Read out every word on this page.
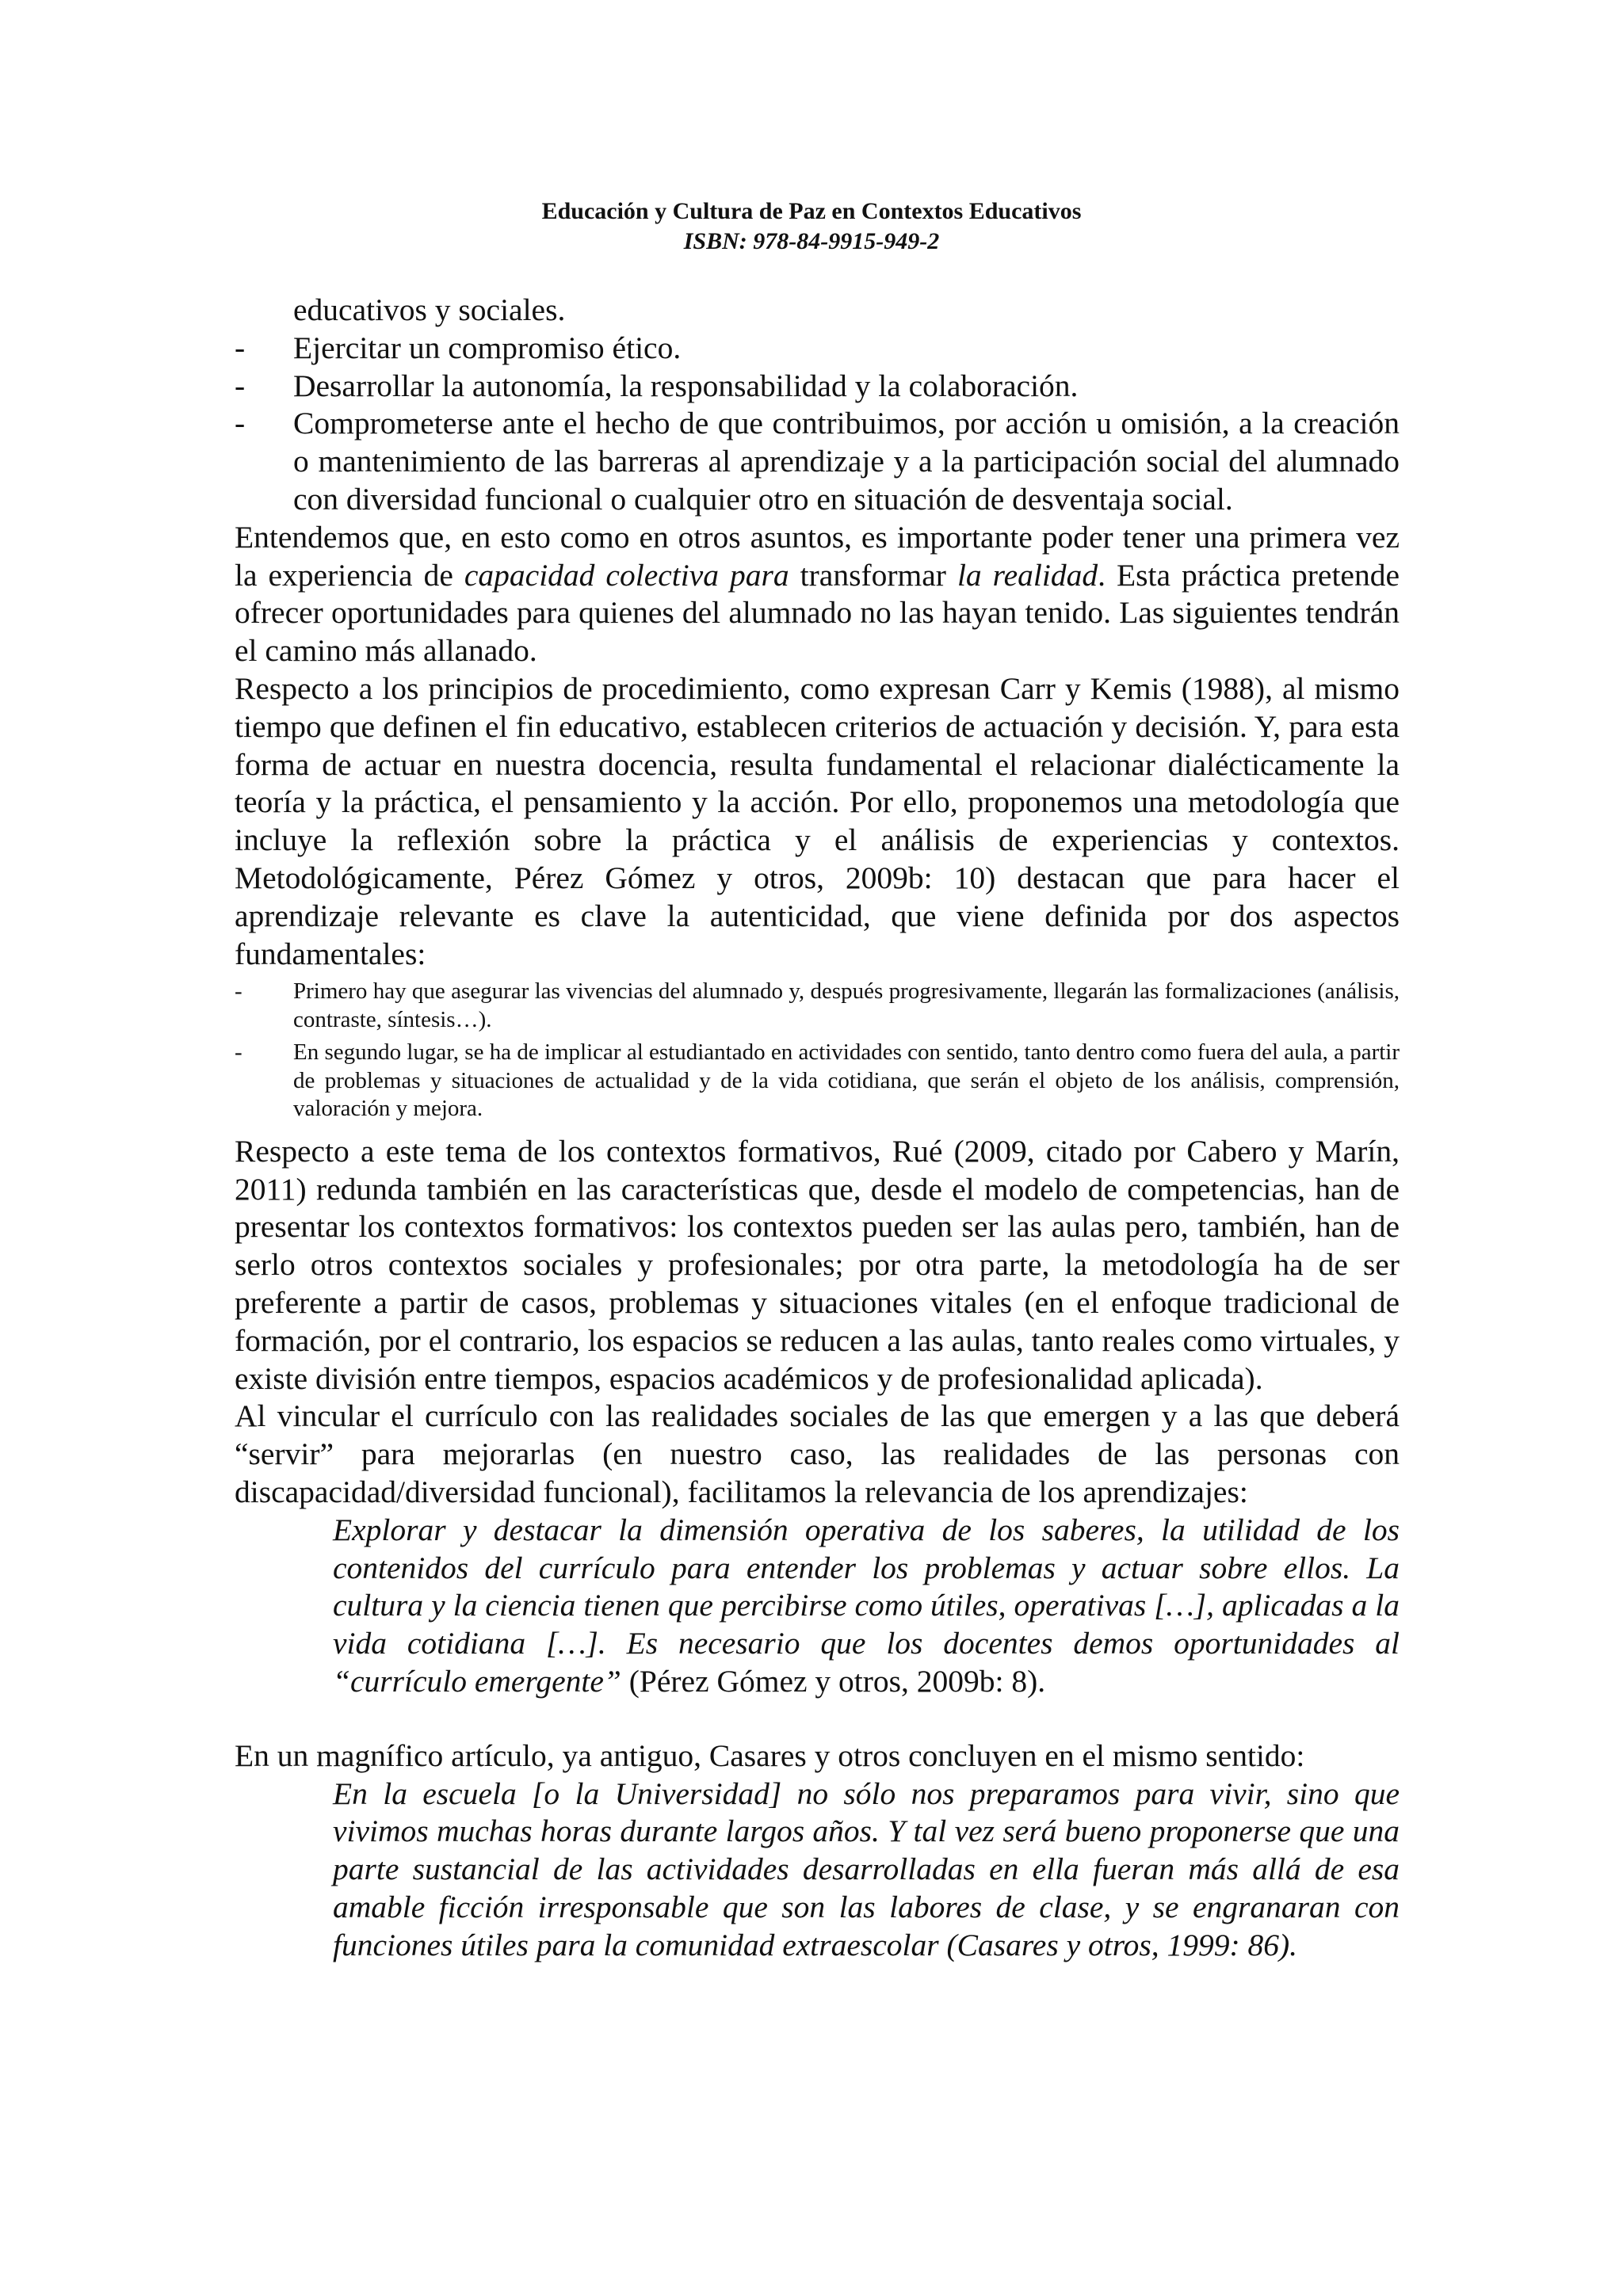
Educación y Cultura de Paz en Contextos Educativos
ISBN: 978-84-9915-949-2

educativos y sociales.

- Ejercitar un compromiso ético.
- Desarrollar la autonomía, la responsabilidad y la colaboración.
- Comprometerse ante el hecho de que contribuimos, por acción u omisión, a la creación o mantenimiento de las barreras al aprendizaje y a la participación social del alumnado con diversidad funcional o cualquier otro en situación de desventaja social.

Entendemos que, en esto como en otros asuntos, es importante poder tener una primera vez la experiencia de capacidad colectiva para transformar la realidad. Esta práctica pretende ofrecer oportunidades para quienes del alumnado no las hayan tenido. Las siguientes tendrán el camino más allanado.

Respecto a los principios de procedimiento, como expresan Carr y Kemis (1988), al mismo tiempo que definen el fin educativo, establecen criterios de actuación y decisión. Y, para esta forma de actuar en nuestra docencia, resulta fundamental el relacionar dialécticamente la teoría y la práctica, el pensamiento y la acción. Por ello, proponemos una metodología que incluye la reflexión sobre la práctica y el análisis de experiencias y contextos. Metodológicamente, Pérez Gómez y otros, 2009b: 10) destacan que para hacer el aprendizaje relevante es clave la autenticidad, que viene definida por dos aspectos fundamentales:

- Primero hay que asegurar las vivencias del alumnado y, después progresivamente, llegarán las formalizaciones (análisis, contraste, síntesis…).
- En segundo lugar, se ha de implicar al estudiantado en actividades con sentido, tanto dentro como fuera del aula, a partir de problemas y situaciones de actualidad y de la vida cotidiana, que serán el objeto de los análisis, comprensión, valoración y mejora.

Respecto a este tema de los contextos formativos, Rué (2009, citado por Cabero y Marín, 2011) redunda también en las características que, desde el modelo de competencias, han de presentar los contextos formativos: los contextos pueden ser las aulas pero, también, han de serlo otros contextos sociales y profesionales; por otra parte, la metodología ha de ser preferente a partir de casos, problemas y situaciones vitales (en el enfoque tradicional de formación, por el contrario, los espacios se reducen a las aulas, tanto reales como virtuales, y existe división entre tiempos, espacios académicos y de profesionalidad aplicada).

Al vincular el currículo con las realidades sociales de las que emergen y a las que deberá “servir” para mejorarlas (en nuestro caso, las realidades de las personas con discapacidad/diversidad funcional), facilitamos la relevancia de los aprendizajes:

Explorar y destacar la dimensión operativa de los saberes, la utilidad de los contenidos del currículo para entender los problemas y actuar sobre ellos. La cultura y la ciencia tienen que percibirse como útiles, operativas […], aplicadas a la vida cotidiana […]. Es necesario que los docentes demos oportunidades al “currículo emergente” (Pérez Gómez y otros, 2009b: 8).

En un magnífico artículo, ya antiguo, Casares y otros concluyen en el mismo sentido:

En la escuela [o la Universidad] no sólo nos preparamos para vivir, sino que vivimos muchas horas durante largos años. Y tal vez será bueno proponerse que una parte sustancial de las actividades desarrolladas en ella fueran más allá de esa amable ficción irresponsable que son las labores de clase, y se engranaran con funciones útiles para la comunidad extraescolar (Casares y otros, 1999: 86).
